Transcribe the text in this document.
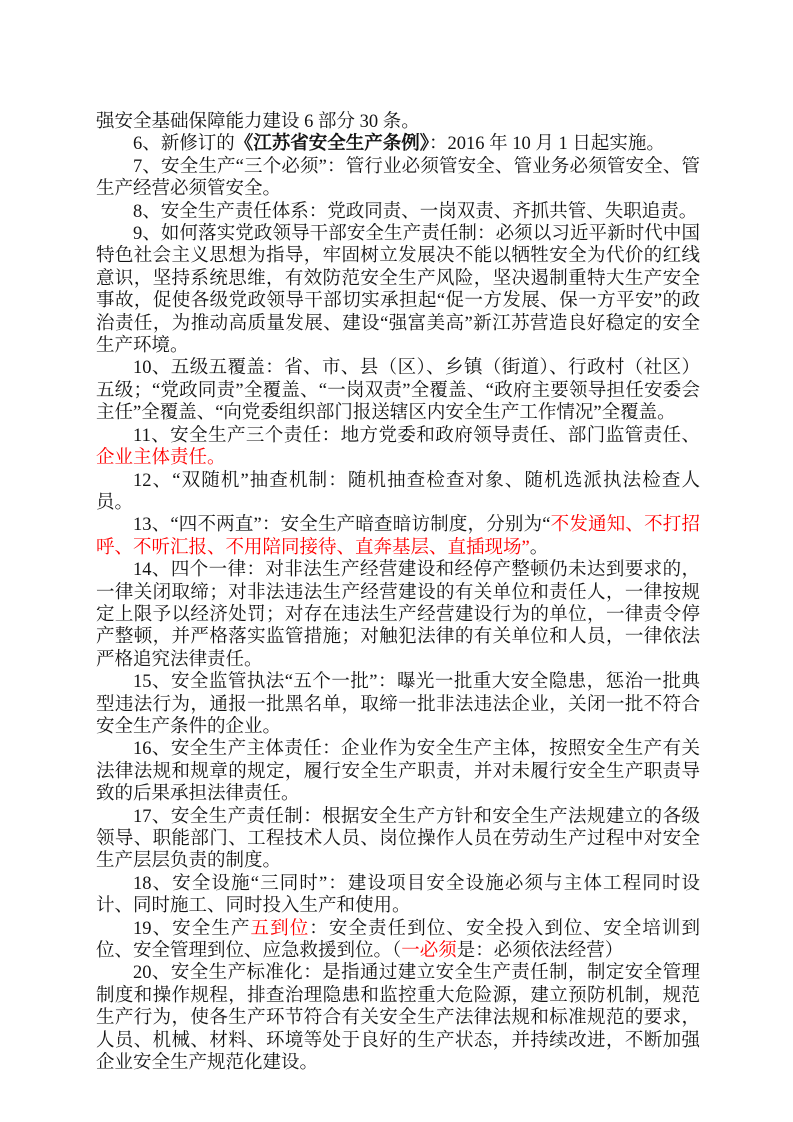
强安全基础保障能力建设 6 部分 30 条。

6、新修订的《江苏省安全生产条例》：2016 年 10 月 1 日起实施。

7、安全生产“三个必须”：管行业必须管安全、管业务必须管安全、管生产经营必须管安全。

8、安全生产责任体系：党政同责、一岗双责、齐抓共管、失职追责。

9、如何落实党政领导干部安全生产责任制：必须以习近平新时代中国特色社会主义思想为指导，牢固树立发展决不能以牺牲安全为代价的红线意识，坚持系统思维，有效防范安全生产风险，坚决遏制重特大生产安全事故，促使各级党政领导干部切实承担起“促一方发展、保一方平安”的政治责任，为推动高质量发展、建设“强富美高”新江苏营造良好稳定的安全生产环境。

10、五级五覆盖：省、市、县（区）、乡镇（街道）、行政村（社区）五级；“党政同责”全覆盖、“一岗双责”全覆盖、“政府主要领导担任安委会主任”全覆盖、“向党委组织部门报送辖区内安全生产工作情况”全覆盖。

11、安全生产三个责任：地方党委和政府领导责任、部门监管责任、企业主体责任。

12、“双随机”抽查机制：随机抽查检查对象、随机选派执法检查人员。

13、“四不两直”：安全生产暗查暗访制度，分别为“不发通知、不打招呼、不听汇报、不用陪同接待、直奔基层、直插现场”。

14、四个一律：对非法生产经营建设和经停产整顿仍未达到要求的，一律关闭取缔；对非法违法生产经营建设的有关单位和责任人，一律按规定上限予以经济处罚；对存在违法生产经营建设行为的单位，一律责令停产整顿，并严格落实监管措施；对触犯法律的有关单位和人员，一律依法严格追究法律责任。

15、安全监管执法“五个一批”：曝光一批重大安全隐患，惩治一批典型违法行为，通报一批黑名单，取缔一批非法违法企业，关闭一批不符合安全生产条件的企业。

16、安全生产主体责任：企业作为安全生产主体，按照安全生产有关法律法规和规章的规定，履行安全生产职责，并对未履行安全生产职责导致的后果承担法律责任。

17、安全生产责任制：根据安全生产方针和安全生产法规建立的各级领导、职能部门、工程技术人员、岗位操作人员在劳动生产过程中对安全生产层层负责的制度。

18、安全设施“三同时”：建设项目安全设施必须与主体工程同时设计、同时施工、同时投入生产和使用。

19、安全生产五到位：安全责任到位、安全投入到位、安全培训到位、安全管理到位、应急救援到位。（一必须是：必须依法经营）

20、安全生产标准化：是指通过建立安全生产责任制，制定安全管理制度和操作规程，排查治理隐患和监控重大危险源，建立预防机制，规范生产行为，使各生产环节符合有关安全生产法律法规和标准规范的要求，人员、机械、材料、环境等处于良好的生产状态，并持续改进，不断加强企业安全生产规范化建设。
